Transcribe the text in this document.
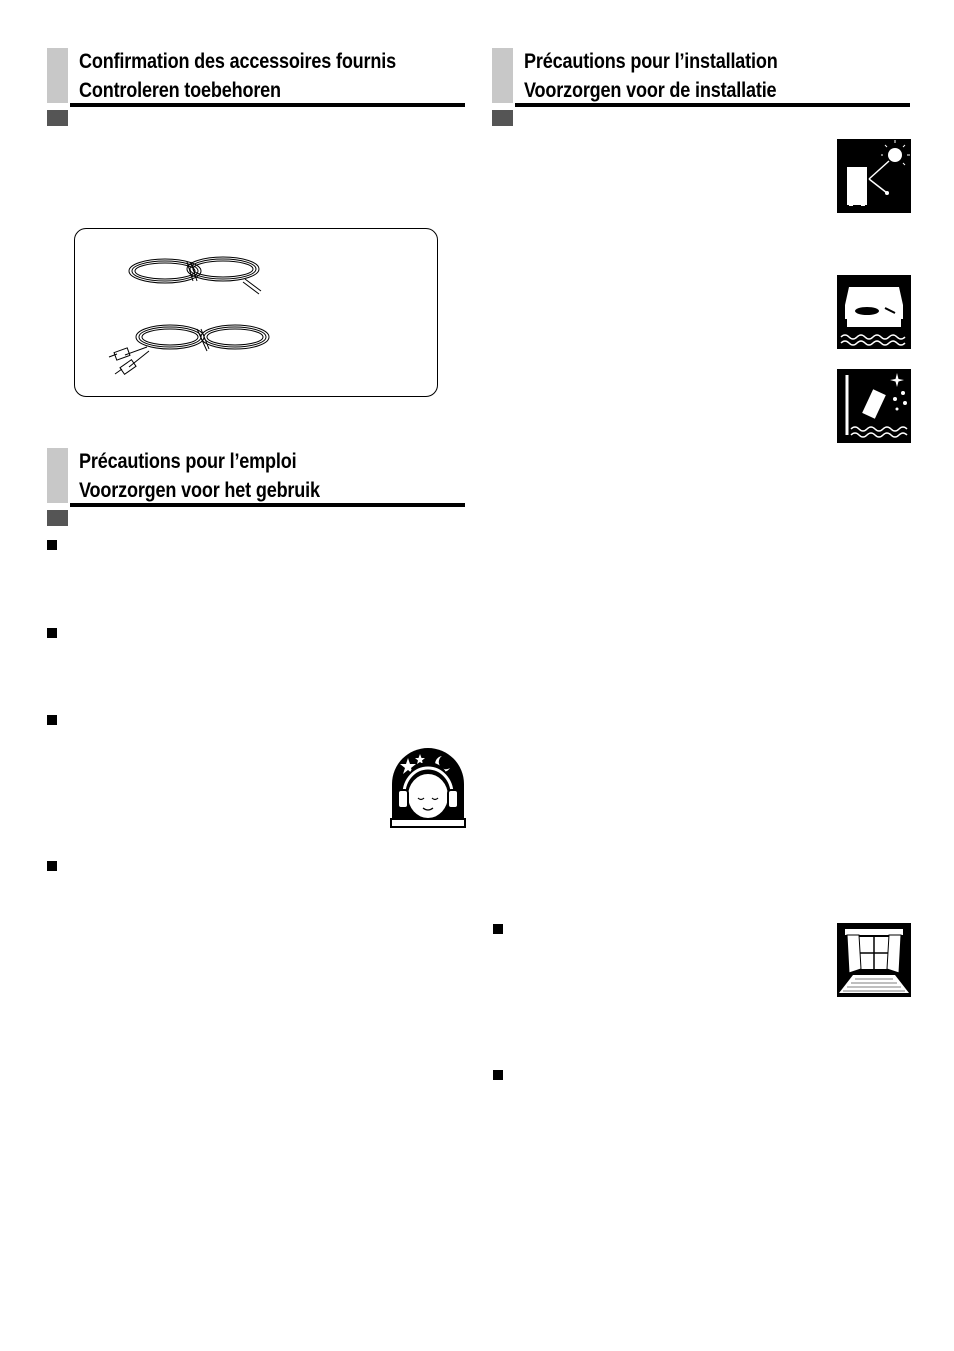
Confirmation des accessoires fournis
Controleren toebehoren
Précautions pour l’emploi
Voorzorgen voor het gebruik
Précautions pour l’installation
Voorzorgen voor de installatie
